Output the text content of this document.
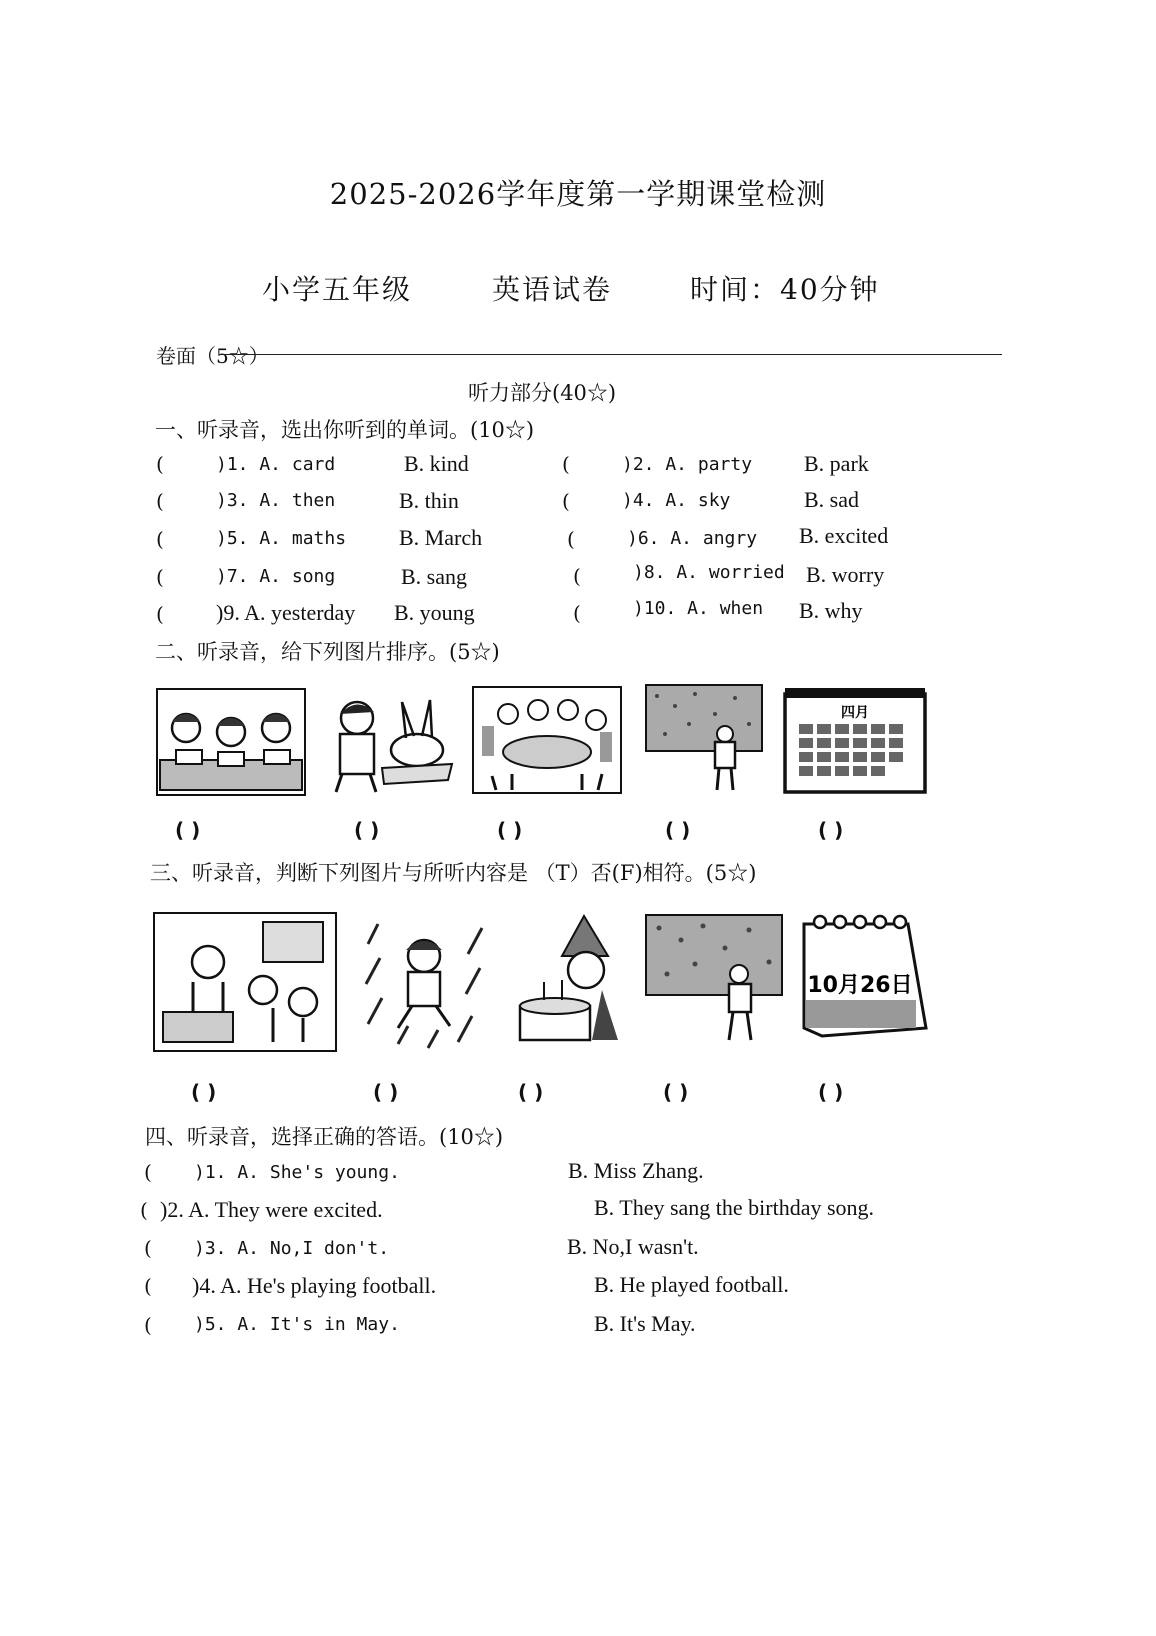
2025-2026学年度第一学期课堂检测
小学五年级	英语试卷	时间：40分钟
卷面（5☆）
听力部分(40☆)
一、听录音，选出你听到的单词。(10☆)
(	)1. A. card	B. kind	(	)2. A. party B. park
(	)3. A. then	B. thin	(	)4. A. sky	B. sad
(	)5. A. maths B. March	(	)6. A. angry B. excited
(	)7. A. song	B. sang	(	)8. A. worried B. worry
( )9. A. yesterday B. young	(	)10. A. when B. why
二、听录音，给下列图片排序。(5☆)
四月
( )	( )	( )	( )	( )
三、听录音，判断下列图片与所听内容是 （T）否(F)相符。(5☆)
10月26日
( )	( )	( )	( )	( )
四、听录音，选择正确的答语。(10☆)
( )1. A. She's young.	B. Miss Zhang.
( )2. A. They were excited.	B. They sang the birthday song.
( )3. A. No,I don't.	B. No,I wasn't.
( )4. A. He's playing football.	B. He played football.
( )5. A. It's in May.	B. It's May.
